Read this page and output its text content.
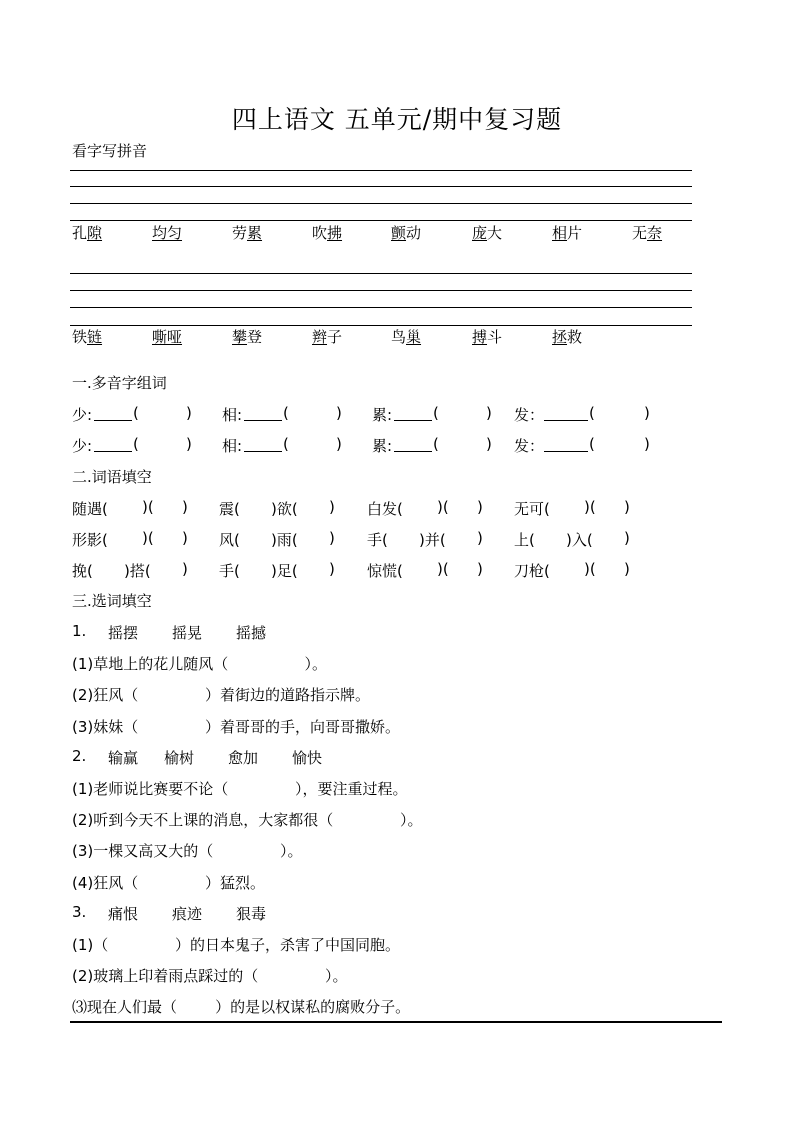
四上语文 五单元/期中复习题
看字写拼音
孔隙	均匀	劳累	吹拂	颤动	庞大	相片	无奈
铁链	嘶哑	攀登	辫子	鸟巢	搏斗	拯救
一.多音字组词
少:	(	) 相:	(	) 累:	(	) 发：	(	)
少:	(	) 相:	(	) 累:	(	) 发：	(	)
二.词语填空
随遇( )( ) 震( )欲( ) 白发( )( ) 无可( )( )
形影( )( ) 风( )雨( ) 手( )并( ) 上( )入( )
挽( )搭( ) 手( )足( ) 惊慌( )( ) 刀枪( )( )
三.选词填空
1. 摇摆 摇晃 摇撼
(1)草地上的花儿随风（                ）。
(2)狂风（              ）着街边的道路指示牌。
(3)妹妹（              ）着哥哥的手，向哥哥撒娇。
2. 输赢 榆树 愈加 愉快
(1)老师说比赛要不论（              ），要注重过程。
(2)听到今天不上课的消息，大家都很（              ）。
(3)一棵又高又大的（              ）。
(4)狂风（              ）猛烈。
3. 痛恨 痕迹 狠毒
(1)（              ）的日本鬼子，杀害了中国同胞。
(2)玻璃上印着雨点踩过的（              ）。
⑶现在人们最（        ）的是以权谋私的腐败分子。
